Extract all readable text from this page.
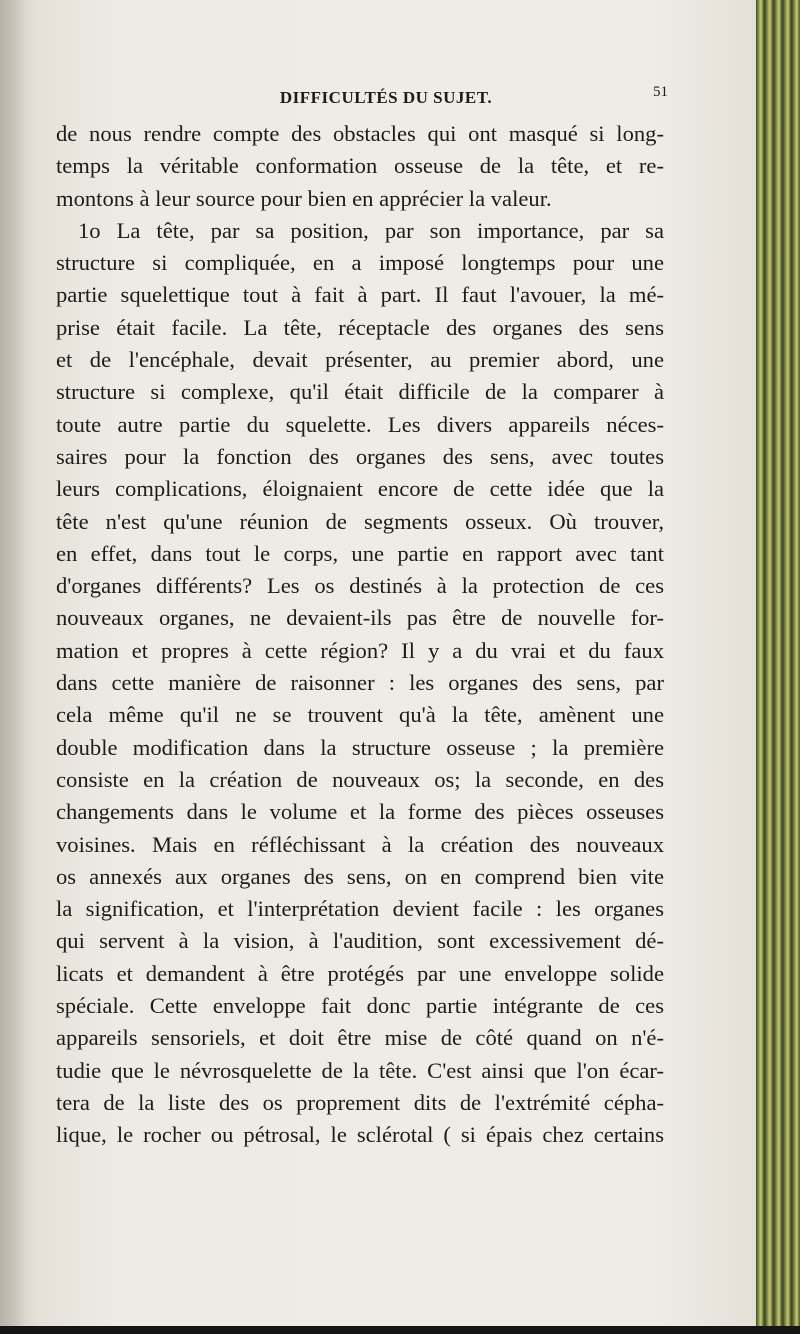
DIFFICULTÉS DU SUJET.	51
de nous rendre compte des obstacles qui ont masqué si long-
temps la véritable conformation osseuse de la tête, et re-
montons à leur source pour bien en apprécier la valeur.
1o La tête, par sa position, par son importance, par sa
structure si compliquée, en a imposé longtemps pour une
partie squelettique tout à fait à part. Il faut l'avouer, la mé-
prise était facile. La tête, réceptacle des organes des sens
et de l'encéphale, devait présenter, au premier abord, une
structure si complexe, qu'il était difficile de la comparer à
toute autre partie du squelette. Les divers appareils néces-
saires pour la fonction des organes des sens, avec toutes
leurs complications, éloignaient encore de cette idée que la
tête n'est qu'une réunion de segments osseux. Où trouver,
en effet, dans tout le corps, une partie en rapport avec tant
d'organes différents? Les os destinés à la protection de ces
nouveaux organes, ne devaient-ils pas être de nouvelle for-
mation et propres à cette région? Il y a du vrai et du faux
dans cette manière de raisonner : les organes des sens, par
cela même qu'il ne se trouvent qu'à la tête, amènent une
double modification dans la structure osseuse ; la première
consiste en la création de nouveaux os; la seconde, en des
changements dans le volume et la forme des pièces osseuses
voisines. Mais en réfléchissant à la création des nouveaux
os annexés aux organes des sens, on en comprend bien vite
la signification, et l'interprétation devient facile : les organes
qui servent à la vision, à l'audition, sont excessivement dé-
licats et demandent à être protégés par une enveloppe solide
spéciale. Cette enveloppe fait donc partie intégrante de ces
appareils sensoriels, et doit être mise de côté quand on n'é-
tudie que le névrosquelette de la tête. C'est ainsi que l'on écar-
tera de la liste des os proprement dits de l'extrémité cépha-
lique, le rocher ou pétrosal, le sclérotal ( si épais chez certains
